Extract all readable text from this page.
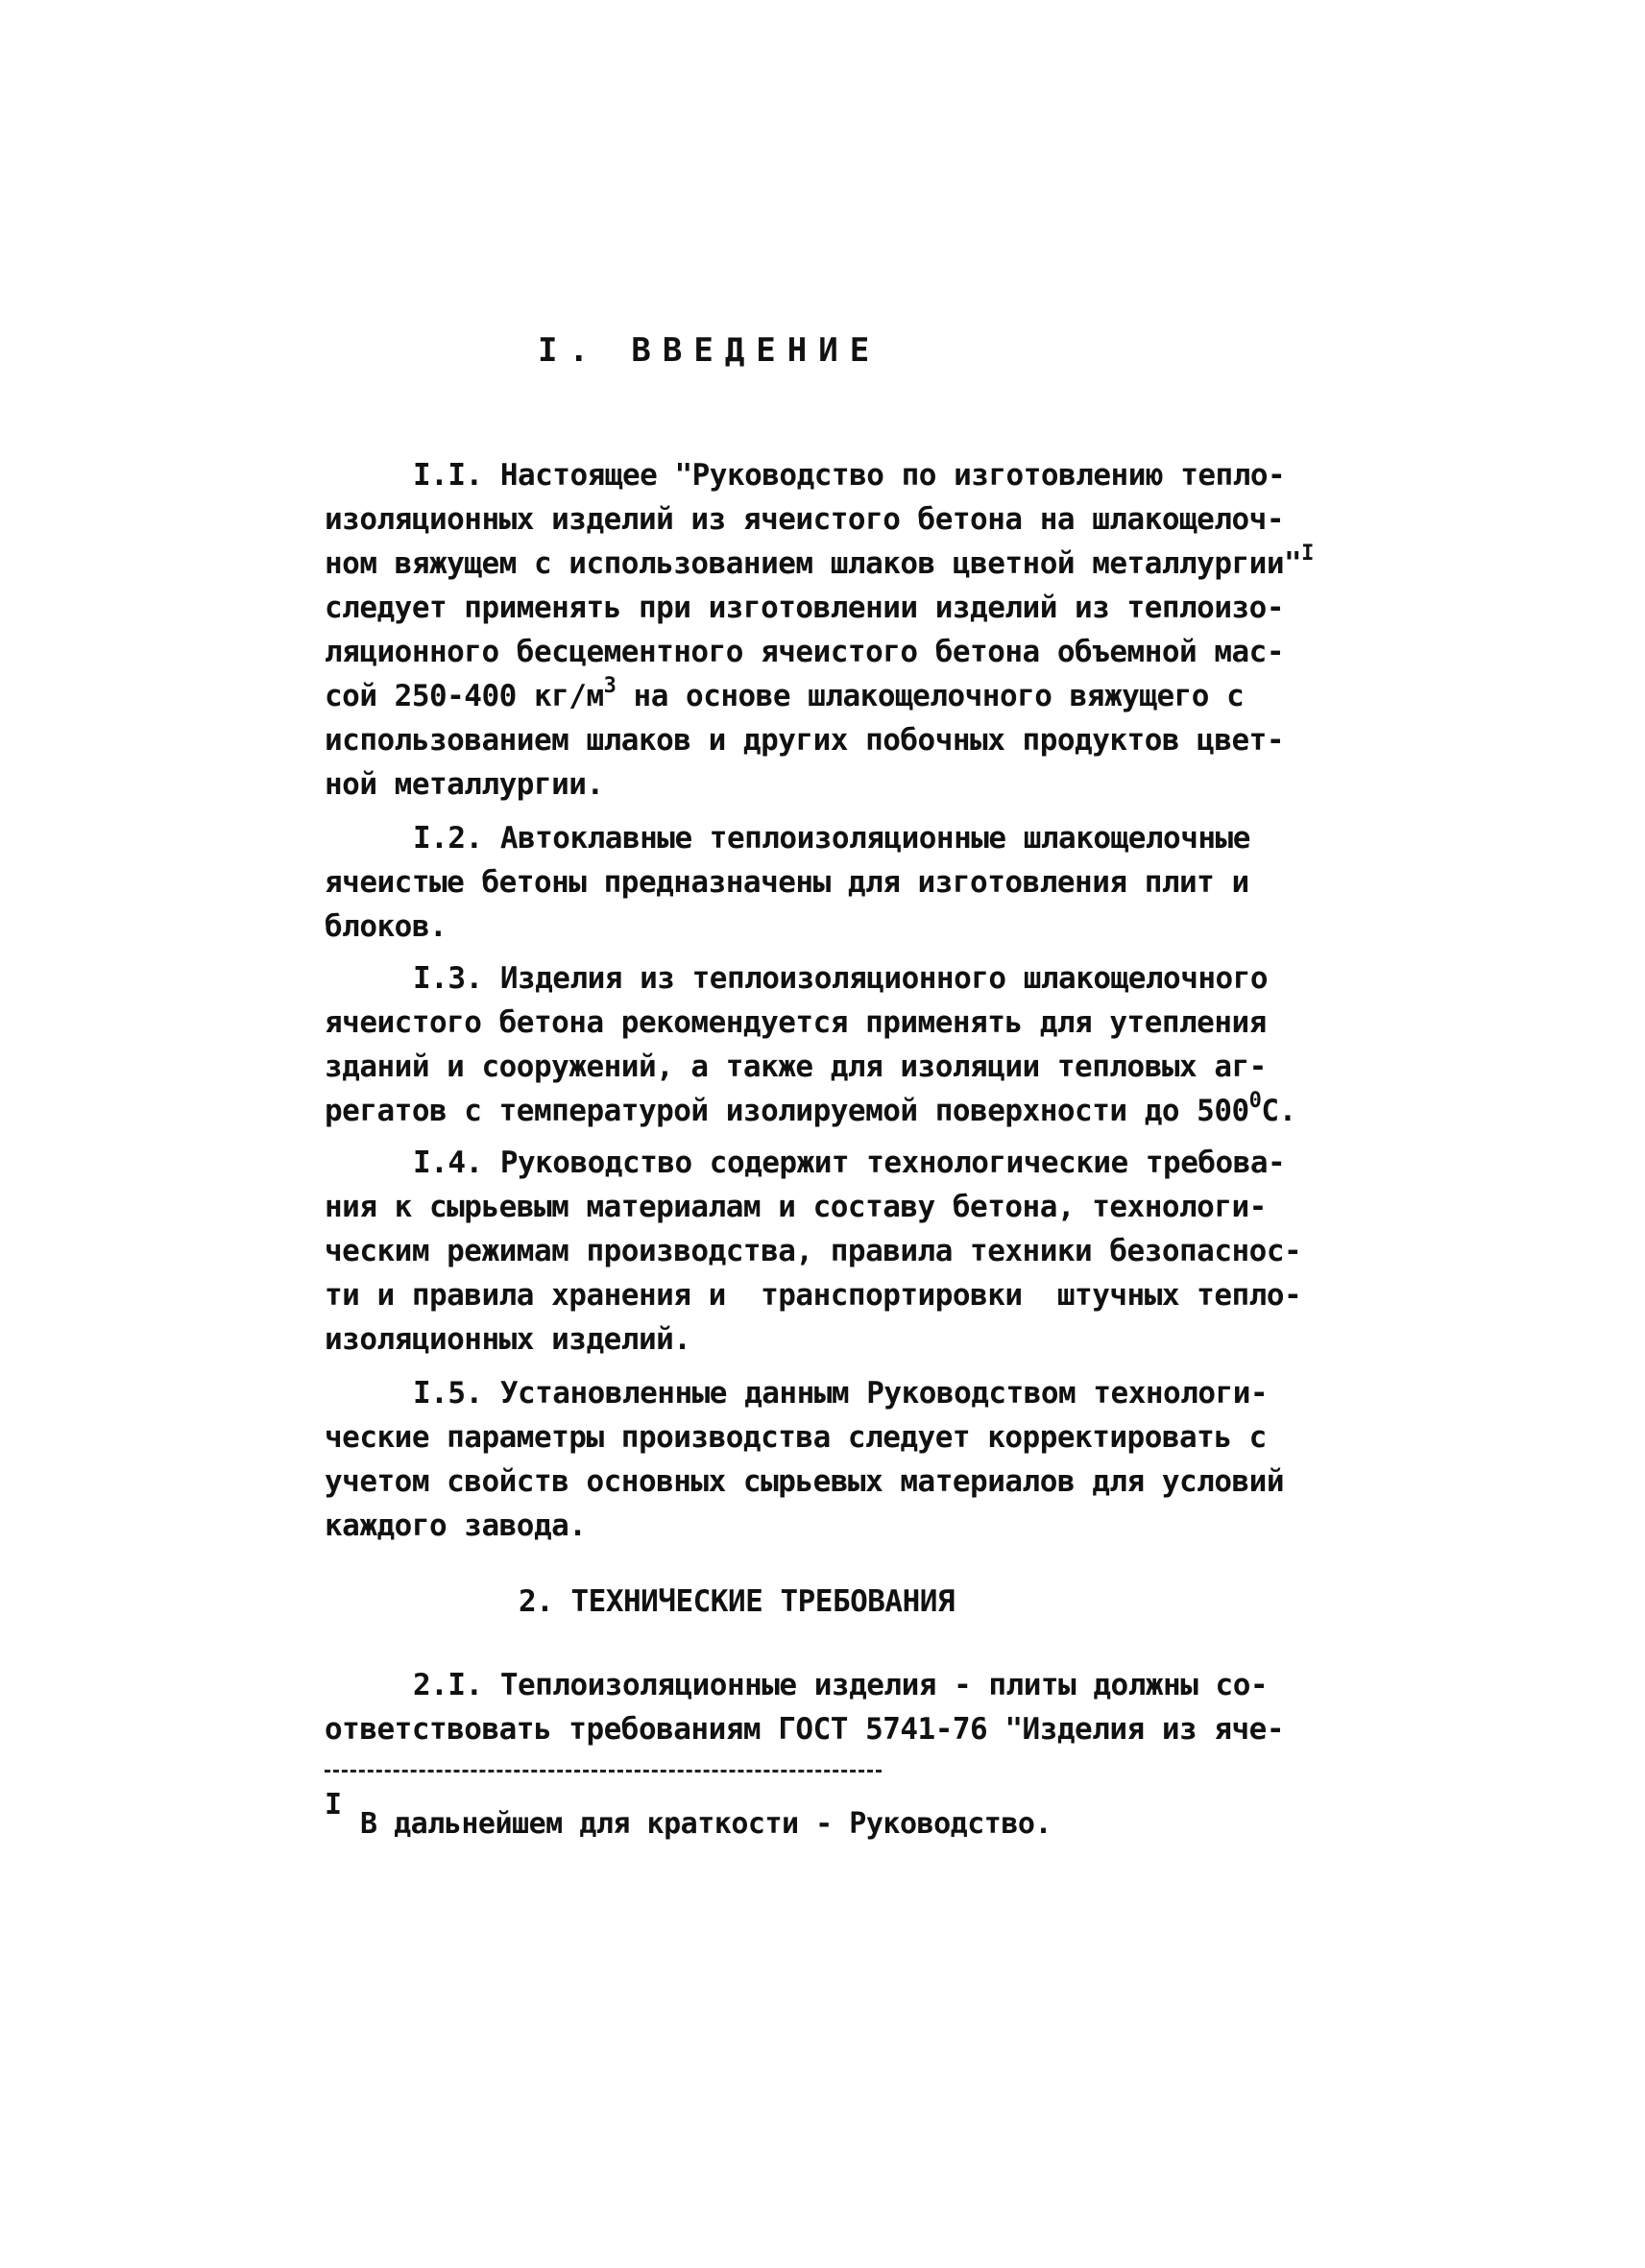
I. ВВЕДЕНИЕ
I.I. Настоящее "Руководство по изготовлению тепло-
изоляционных изделий из ячеистого бетона на шлакощелоч-
ном вяжущем с использованием шлаков цветной металлургии"$^I$
следует применять при изготовлении изделий из теплоизо-
ляционного бесцементного ячеистого бетона объемной мас-
сой 250-400 $кг/м^3$ на основе шлакощелочного вяжущего с
использованием шлаков и других побочных продуктов цвет-
ной металлургии.
I.2. Автоклавные теплоизоляционные шлакощелочные
ячеистые бетоны предназначены для изготовления плит и
блоков.
I.3. Изделия из теплоизоляционного шлакощелочного
ячеистого бетона рекомендуется применять для утепления
зданий и сооружений, а также для изоляции тепловых аг-
регатов с температурой изолируемой поверхности до $500^0С$.
I.4. Руководство содержит технологические требова-
ния к сырьевым материалам и составу бетона, технологи-
ческим режимам производства, правила техники безопаснос-
ти и правила хранения и  транспортировки  штучных тепло-
изоляционных изделий.
I.5. Установленные данным Руководством технологи-
ческие параметры производства следует корректировать с
учетом свойств основных сырьевых материалов для условий
каждого завода.
2. ТЕХНИЧЕСКИЕ ТРЕБОВАНИЯ
2.I. Теплоизоляционные изделия - плиты должны со-
ответствовать требованиям ГОСТ 5741-76 "Изделия из яче-
I
В дальнейшем для краткости - Руководство.
